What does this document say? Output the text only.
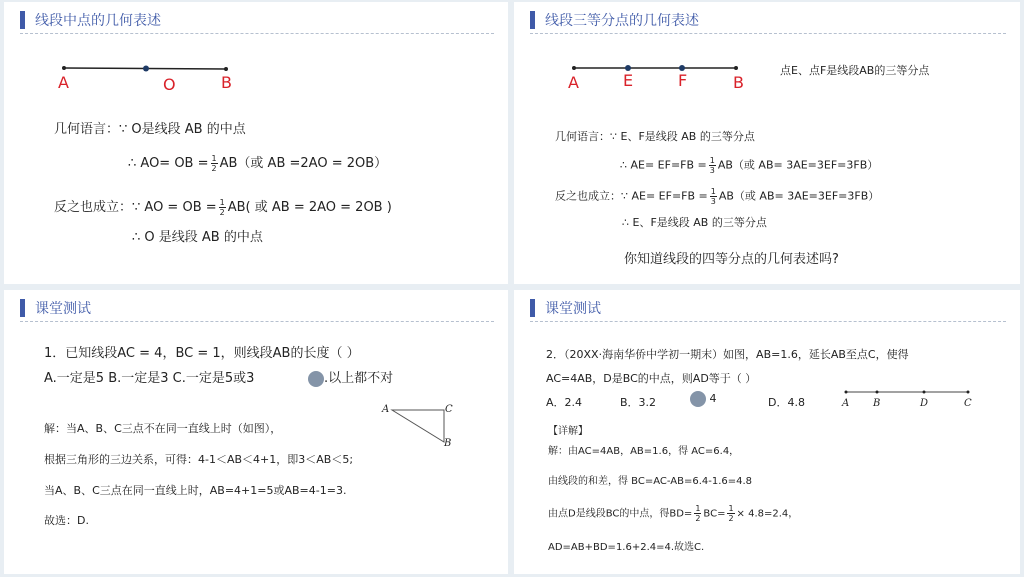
线段中点的几何表述
A	O	B
几何语言：∵ O是线段 AB 的中点
∴ AO= OB = $\frac{1}{2} AB$（或 AB =2AO = 2OB）
反之也成立：∵ AO = OB = $\frac{1}{2} AB$( 或 AB = 2AO = 2OB )
∴ O 是线段 AB 的中点
线段三等分点的几何表述
A	E	F	B
点E、点F是线段AB的三等分点
几何语言：∵ E、F是线段 AB 的三等分点
∴ $AE= EF=FB = \frac{1}{3} AB$（或 AB= 3AE=3EF=3FB）
反之也成立：∵ $AE= EF=FB = \frac{1}{3} AB$（或 AB= 3AE=3EF=3FB）
∴ E、F是线段 AB 的三等分点
你知道线段的四等分点的几何表述吗?
课堂测试
1．已知线段AC = 4，BC = 1，则线段AB的长度（ ）
A.一定是5 B.一定是3 C.一定是5或3	.以上都不对
A	C
B
解：当A、B、C三点不在同一直线上时（如图），
根据三角形的三边关系，可得：4-1＜AB＜4+1，即3＜AB＜5;
当A、B、C三点在同一直线上时，AB=4+1=5或AB=4-1=3.
故选：D.
课堂测试
2．（20XX·海南华侨中学初一期末）如图，AB=1.6，延长AB至点C，使得
AC=4AB，D是BC的中点，则AD等于（ ）
A．2.4	B．3.2	4	D．4.8	A B	D	C
【详解】
解：由AC=4AB，AB=1.6，得 AC=6.4，
由线段的和差，得 BC=AC-AB=6.4-1.6=4.8
由点D是线段BC的中点，得$BD= \frac{1}{2} BC= \frac{1}{2} \times 4.8=2.4$，
AD=AB+BD=1.6+2.4=4.故选C.
